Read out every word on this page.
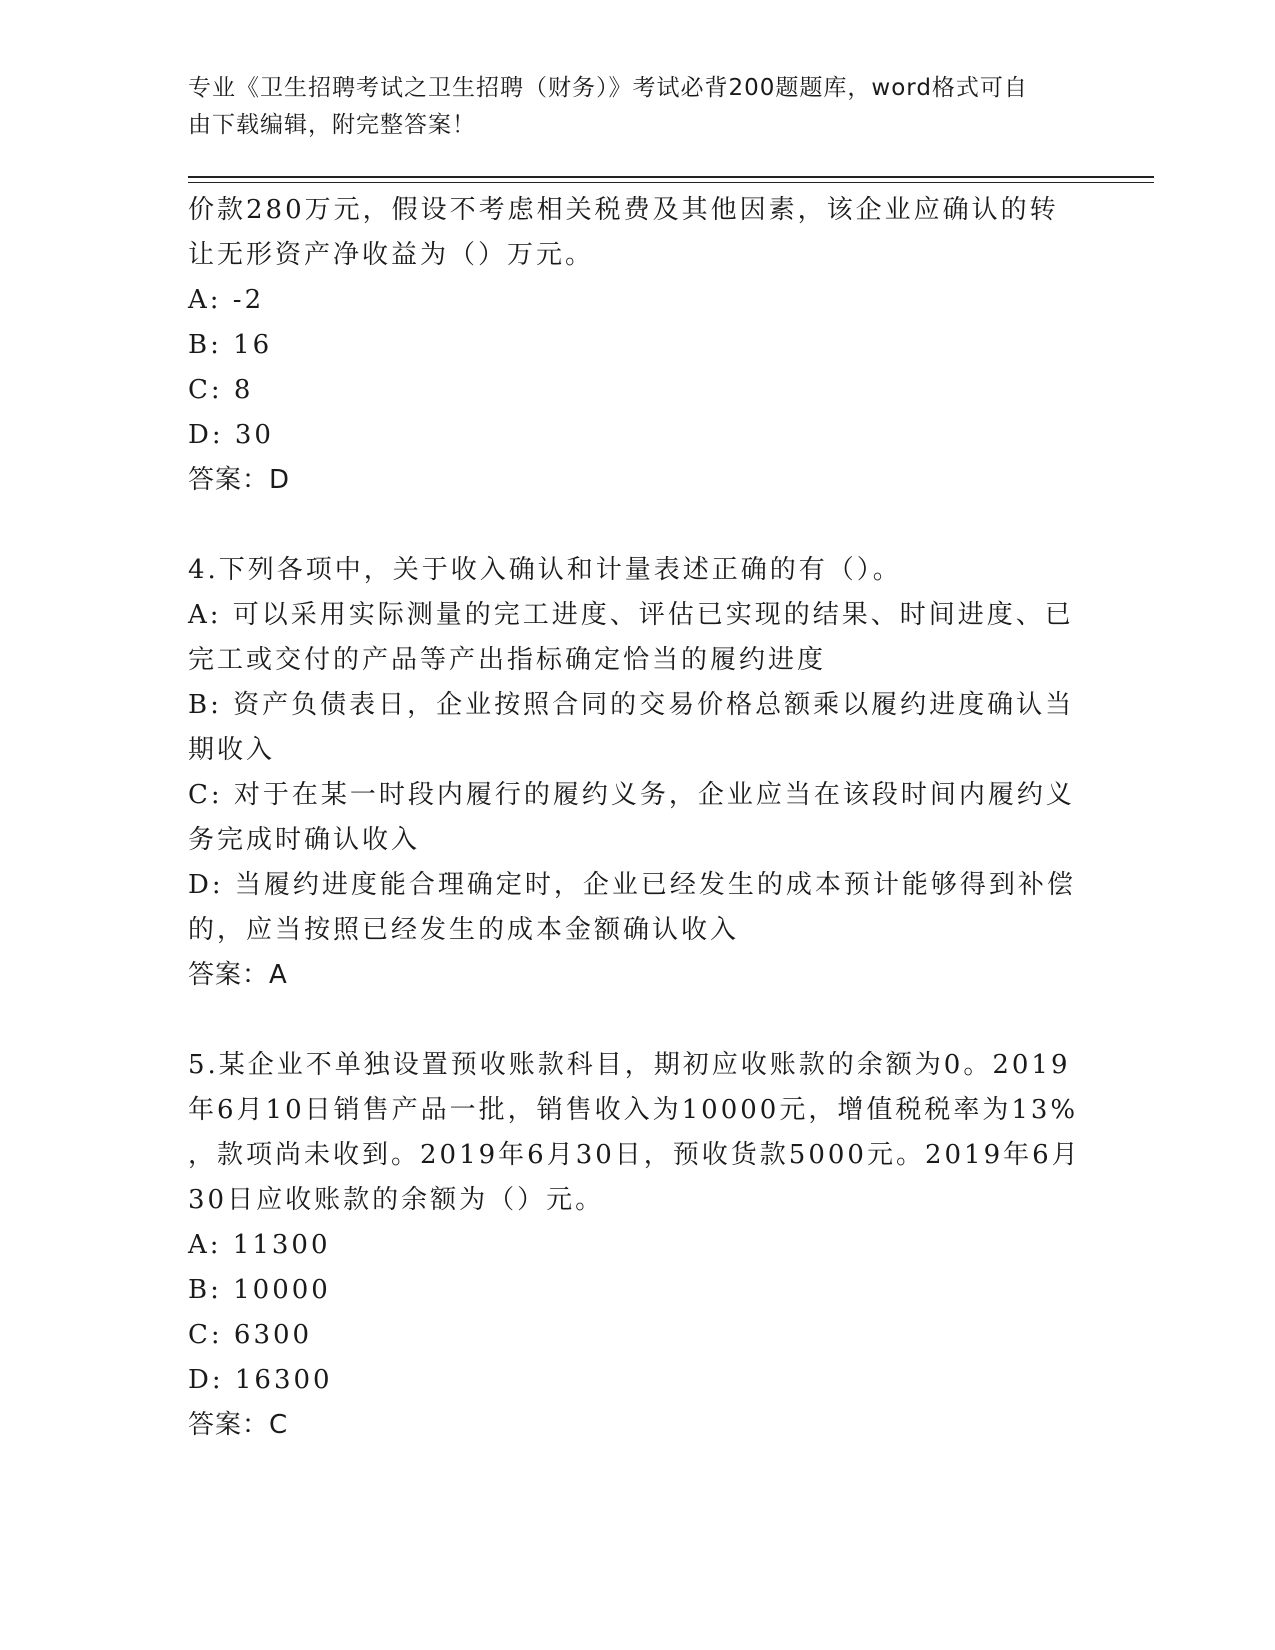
专业《卫生招聘考试之卫生招聘（财务）》考试必背200题题库，word格式可自
由下载编辑，附完整答案！
价款280万元，假设不考虑相关税费及其他因素，该企业应确认的转
让无形资产净收益为（）万元。
A: -2
B: 16
C: 8
D: 30
答案：D
4.下列各项中，关于收入确认和计量表述正确的有（）。
A: 可以采用实际测量的完工进度、评估已实现的结果、时间进度、已
完工或交付的产品等产出指标确定恰当的履约进度
B: 资产负债表日，企业按照合同的交易价格总额乘以履约进度确认当
期收入
C: 对于在某一时段内履行的履约义务，企业应当在该段时间内履约义
务完成时确认收入
D: 当履约进度能合理确定时，企业已经发生的成本预计能够得到补偿
的，应当按照已经发生的成本金额确认收入
答案：A
5.某企业不单独设置预收账款科目，期初应收账款的余额为0。2019
年6月10日销售产品一批，销售收入为10000元，增值税税率为13%
，款项尚未收到。2019年6月30日，预收货款5000元。2019年6月
30日应收账款的余额为（）元。
A: 11300
B: 10000
C: 6300
D: 16300
答案：C
